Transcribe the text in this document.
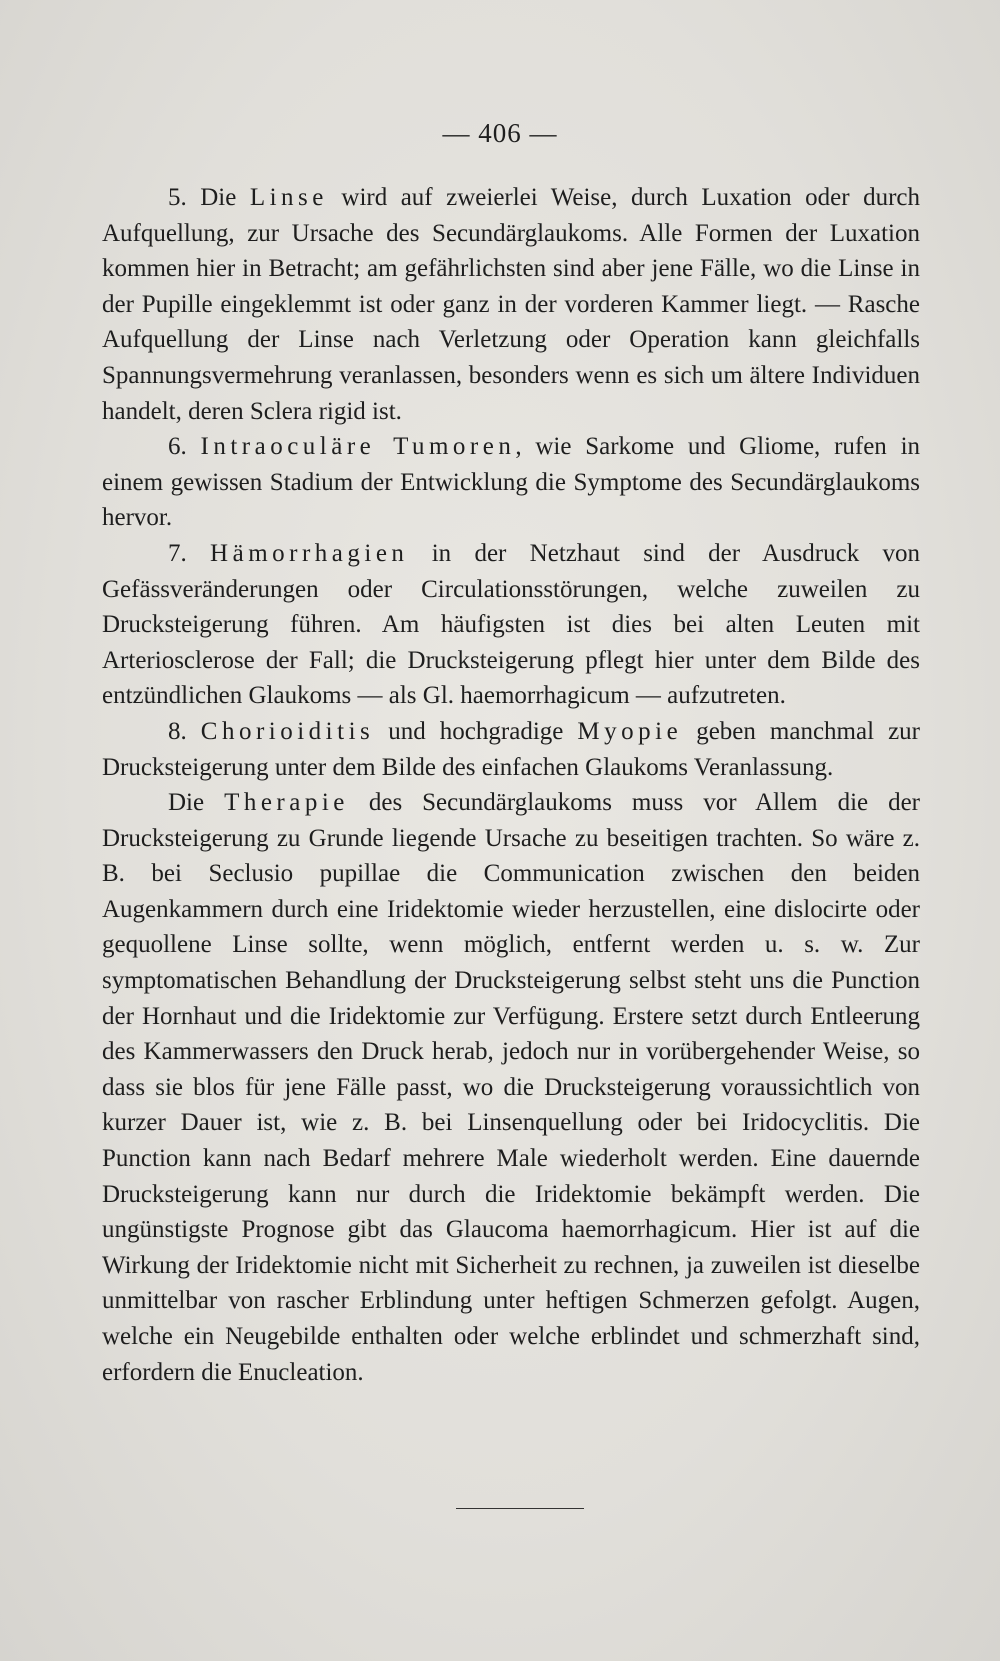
— 406 —

5. Die Linse wird auf zweierlei Weise, durch Luxation oder durch Aufquellung, zur Ursache des Secundärglaukoms. Alle Formen der Luxation kommen hier in Betracht; am gefährlichsten sind aber jene Fälle, wo die Linse in der Pupille eingeklemmt ist oder ganz in der vorderen Kammer liegt. — Rasche Aufquellung der Linse nach Verletzung oder Operation kann gleichfalls Spannungsvermehrung veranlassen, besonders wenn es sich um ältere Individuen handelt, deren Sclera rigid ist.

6. Intraoculäre Tumoren, wie Sarkome und Gliome, rufen in einem gewissen Stadium der Entwicklung die Symptome des Secundärglaukoms hervor.

7. Hämorrhagien in der Netzhaut sind der Ausdruck von Gefässveränderungen oder Circulationsstörungen, welche zuweilen zu Drucksteigerung führen. Am häufigsten ist dies bei alten Leuten mit Arteriosclerose der Fall; die Drucksteigerung pflegt hier unter dem Bilde des entzündlichen Glaukoms — als Gl. haemorrhagicum — aufzutreten.

8. Chorioiditis und hochgradige Myopie geben manchmal zur Drucksteigerung unter dem Bilde des einfachen Glaukoms Veranlassung.

Die Therapie des Secundärglaukoms muss vor Allem die der Drucksteigerung zu Grunde liegende Ursache zu beseitigen trachten. So wäre z. B. bei Seclusio pupillae die Communication zwischen den beiden Augenkammern durch eine Iridektomie wieder herzustellen, eine dislocirte oder gequollene Linse sollte, wenn möglich, entfernt werden u. s. w. Zur symptomatischen Behandlung der Drucksteigerung selbst steht uns die Punction der Hornhaut und die Iridektomie zur Verfügung. Erstere setzt durch Entleerung des Kammerwassers den Druck herab, jedoch nur in vorübergehender Weise, so dass sie blos für jene Fälle passt, wo die Drucksteigerung voraussichtlich von kurzer Dauer ist, wie z. B. bei Linsenquellung oder bei Iridocyclitis. Die Punction kann nach Bedarf mehrere Male wiederholt werden. Eine dauernde Drucksteigerung kann nur durch die Iridektomie bekämpft werden. Die ungünstigste Prognose gibt das Glaucoma haemorrhagicum. Hier ist auf die Wirkung der Iridektomie nicht mit Sicherheit zu rechnen, ja zuweilen ist dieselbe unmittelbar von rascher Erblindung unter heftigen Schmerzen gefolgt. Augen, welche ein Neugebilde enthalten oder welche erblindet und schmerzhaft sind, erfordern die Enucleation.
